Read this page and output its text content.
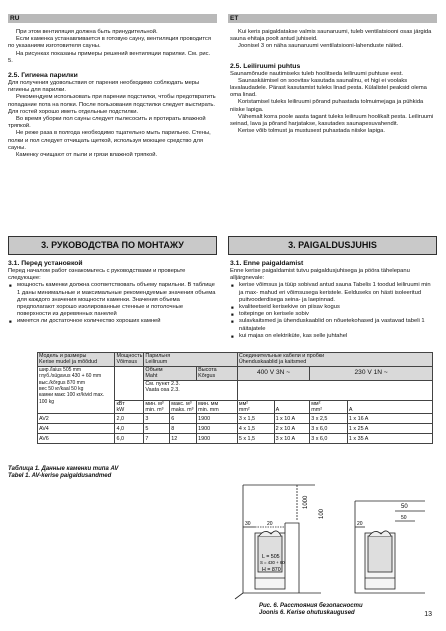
RU	ET

При этом вентиляция должна быть принудительной.

Если каменка устанавливается в готовую сауну, вентиляция проводится по указаниям изготовителя сауны.

На рисунках показаны примеры решений вентиляции парилки. См. рис. 5.

2.5. Гигиена парилки

Для получения удовольствия от парения необходимо соблюдать меры гигиены для парилки.

Рекомендуем использовать при парении подстилки, чтобы предотвратить попадание пота на полки. После пользования подстилки следует выстирать. Для гостей хорошо иметь отдельные подстилки.

Во время уборки пол сауны следует пылесосить и протирать влажной тряпкой.

Не реже раза в полгода необходимо тщательно мыть парильню. Стены, полки и пол следует отчищать щеткой, используя моющее средство для сауны.

Каменку очищают от пыли и грязи влажной тряпкой.

Kui keris paigaldatakse valmis saunaruumi, tuleb ventilatsiooni osas järgida sauna ehitaja poolt antud juhiseid.

Joonisel 3 on näha saunaruumi ventilatsiooni-lahenduste näited.

2.5. Leiliruumi puhtus

Saunamõnude nautimiseks tuleb hoolitseda leiliruumi puhtuse eest.

Saunaskäimisel on soovitav kasutada saunalinu, et higi ei voolaks lavalaudadele. Pärast kasutamist tuleks linad pesta. Külalistel peaksid olema oma linad.

Koristamisel tuleks leiliruumi põrand puhastada tolmuimejaga ja pühkida niiske lapiga.

Vähemalt korra poole aasta tagant tuleks leiliruum hoolikalt pesta. Leiliruumi seinad, lava ja põrand harjatakse, kasutades saunapesuvahendit.

Kerise võib tolmust ja mustusest puhastada niiske lapiga.

3. РУКОВОДСТВА ПО МОНТАЖУ	3. PAIGALDUSJUHIS

3.1. Перед установкой

Перед началом работ ознакомьтесь с руководствами и проверьте следующее:

■ мощность каменки должна соответствовать объему парильни. В таблице 1 даны минимальные и максимальные рекомендуемые значения объема для каждого значения мощности каменки. Значения объема предполагают хорошо изолированные стенные и потолочные поверхности из деревянных панелей
■ имеется ли достаточное количество хороших камней

3.1. Enne paigaldamist

Enne kerise paigaldamist tutvu paigaldusjuhisega ja pööra tähelepanu alljärgnevale:

■ kerise võimsus ja tüüp sobivad antud sauna Tabelis 1 toodud leiliruumi min ja max- mahud eri võimsusega keristele. Eelduseks on hästi isoleeritud puitvooderdisega seina- ja laepinnad.
■ kvaliteetseid kerisekive on piisav kogus
■ toitepinge on kerisele sobiv
■ sulavkaitsmed ja ühenduskaablid on nõuetekohased ja vastavad tabeli 1 näitajatele
■ kui majas on elektriküte, kas selle juhtahel
Модель и размеры
Kerise mudel ja mõõdud	Мощность
Võimsus	Парильня
Leiliruum			Соединительные кабели и пробки
Ühenduskaablid ja kaitsmed			
шир./laius 505 mm
глуб./sügavus 430 + 60 mm
выс./kõrgus 870 mm
вес 50 кг/kaal 50 kg
камни макс 100 кг/kivid max. 100 kg		Объем
Maht		Высота
Kõrgus	400 V 3N ~		230 V 1N ~	
		См. пункт 2.3.
Vaata osa 2.3.						
	кВт
kW	мин. м³
min. m³	макс. м³
maks. m³	мин. мм
min. mm	мм²
mm²	A	мм²
mm²	A
AV2	2,0	3	6	1900	3 x 1,5	1 x 10 A	3 x 2,5	1 x 16 A
AV4	4,0	5	8	1900	4 x 1,5	2 x 10 A	3 x 6,0	1 x 25 A
AV6	6,0	7	12	1900	5 x 1,5	3 x 10 A	3 x 6,0	1 x 35 A
Таблица 1. Данные каменки типа AV
Tabel 1. AV-kerise paigaldusandmed
1000
100
50
30	20	20
50
L = 505
S = 430 + 60
H = 870
Рис. 6. Расстояния безопасности
Joonis 6. Kerise ohutuskaugused	13
